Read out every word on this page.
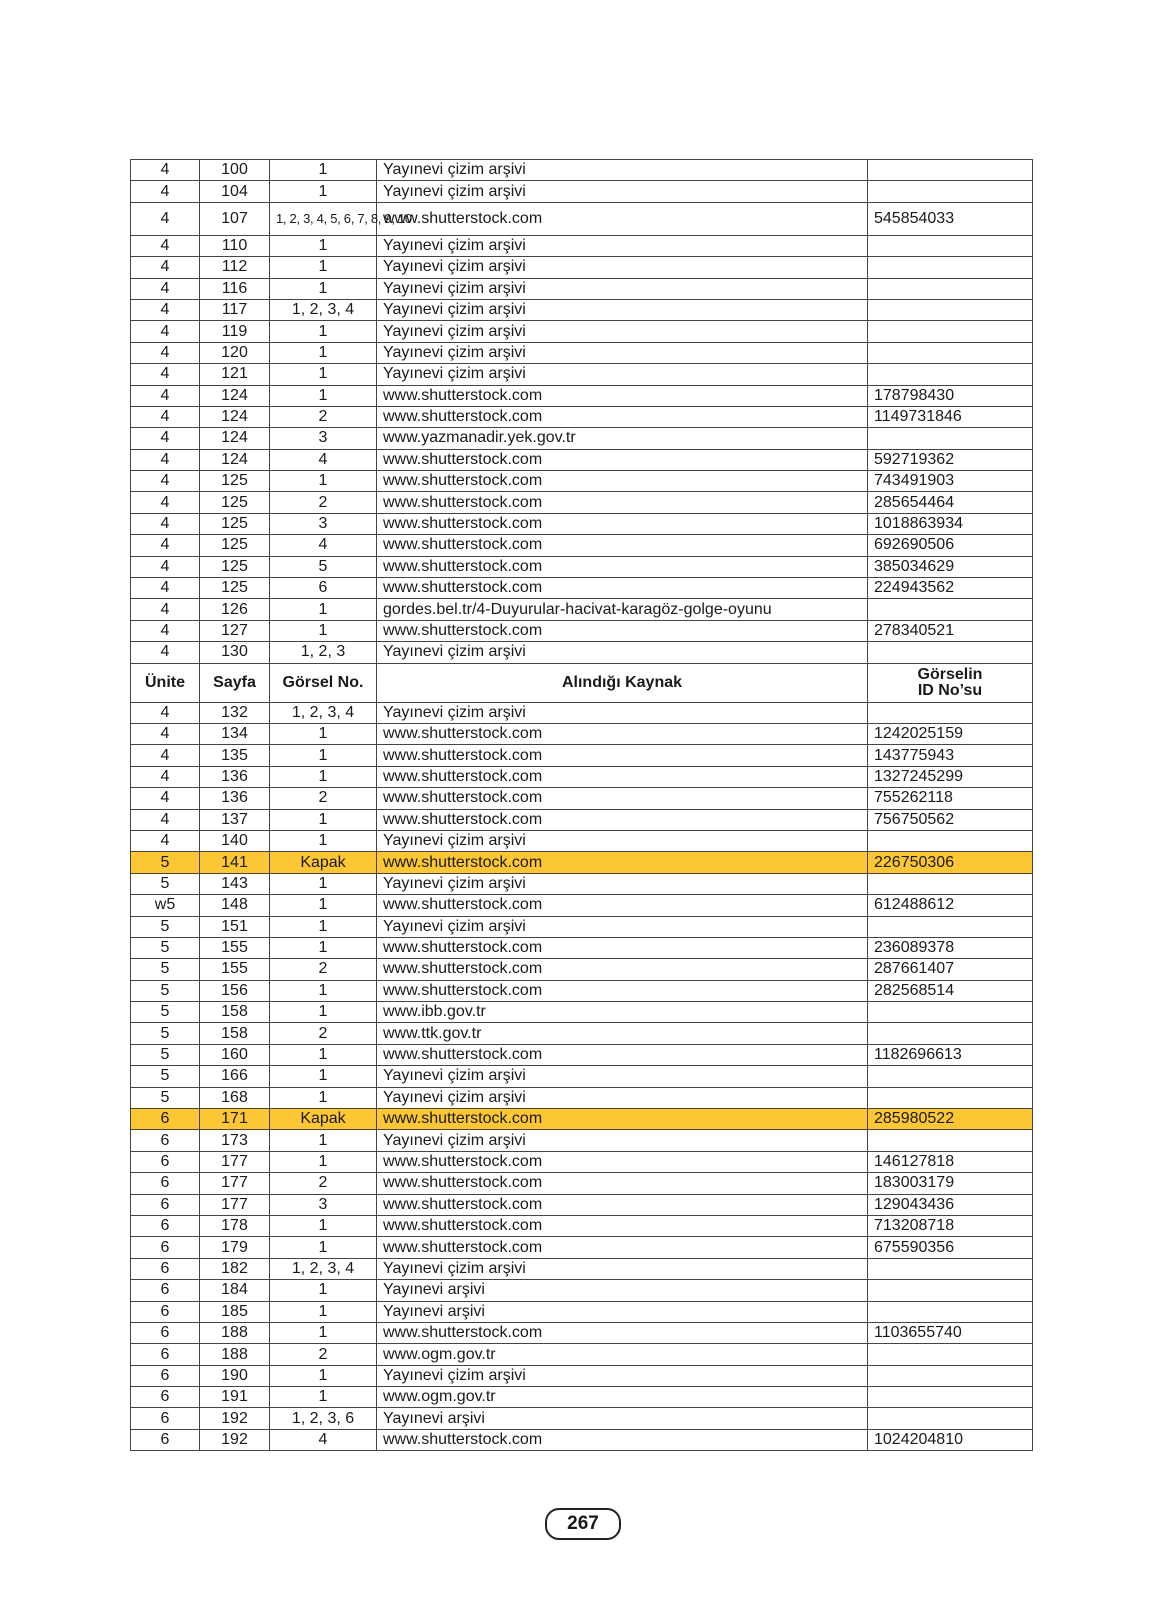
4	100	1	Yayınevi çizim arşivi	
4	104	1	Yayınevi çizim arşivi	
4	107	1, 2, 3, 4, 5, 6, 7, 8, 9, 10	www.shutterstock.com	545854033
4	110	1	Yayınevi çizim arşivi	
4	112	1	Yayınevi çizim arşivi	
4	116	1	Yayınevi çizim arşivi	
4	117	1, 2, 3, 4	Yayınevi çizim arşivi	
4	119	1	Yayınevi çizim arşivi	
4	120	1	Yayınevi çizim arşivi	
4	121	1	Yayınevi çizim arşivi	
4	124	1	www.shutterstock.com	178798430
4	124	2	www.shutterstock.com	1149731846
4	124	3	www.yazmanadir.yek.gov.tr	
4	124	4	www.shutterstock.com	592719362
4	125	1	www.shutterstock.com	743491903
4	125	2	www.shutterstock.com	285654464
4	125	3	www.shutterstock.com	1018863934
4	125	4	www.shutterstock.com	692690506
4	125	5	www.shutterstock.com	385034629
4	125	6	www.shutterstock.com	224943562
4	126	1	gordes.bel.tr/4-Duyurular-hacivat-karagöz-golge-oyunu	
4	127	1	www.shutterstock.com	278340521
4	130	1, 2, 3	Yayınevi çizim arşivi	
Ünite	Sayfa	Görsel No.	Alındığı Kaynak	Görselin
ID No’su

4	132	1, 2, 3, 4	Yayınevi çizim arşivi	
4	134	1	www.shutterstock.com	1242025159
4	135	1	www.shutterstock.com	143775943
4	136	1	www.shutterstock.com	1327245299
4	136	2	www.shutterstock.com	755262118
4	137	1	www.shutterstock.com	756750562
4	140	1	Yayınevi çizim arşivi	
5	141	Kapak	www.shutterstock.com	226750306
5	143	1	Yayınevi çizim arşivi	
w5	148	1	www.shutterstock.com	612488612
5	151	1	Yayınevi çizim arşivi	
5	155	1	www.shutterstock.com	236089378
5	155	2	www.shutterstock.com	287661407
5	156	1	www.shutterstock.com	282568514
5	158	1	www.ibb.gov.tr	
5	158	2	www.ttk.gov.tr	
5	160	1	www.shutterstock.com	1182696613
5	166	1	Yayınevi çizim arşivi	
5	168	1	Yayınevi çizim arşivi	
6	171	Kapak	www.shutterstock.com	285980522
6	173	1	Yayınevi çizim arşivi	
6	177	1	www.shutterstock.com	146127818
6	177	2	www.shutterstock.com	183003179
6	177	3	www.shutterstock.com	129043436
6	178	1	www.shutterstock.com	713208718
6	179	1	www.shutterstock.com	675590356
6	182	1, 2, 3, 4	Yayınevi çizim arşivi	
6	184	1	Yayınevi arşivi	
6	185	1	Yayınevi arşivi	
6	188	1	www.shutterstock.com	1103655740
6	188	2	www.ogm.gov.tr	
6	190	1	Yayınevi çizim arşivi	
6	191	1	www.ogm.gov.tr	
6	192	1, 2, 3, 6	Yayınevi arşivi	
6	192	4	www.shutterstock.com	1024204810
267
